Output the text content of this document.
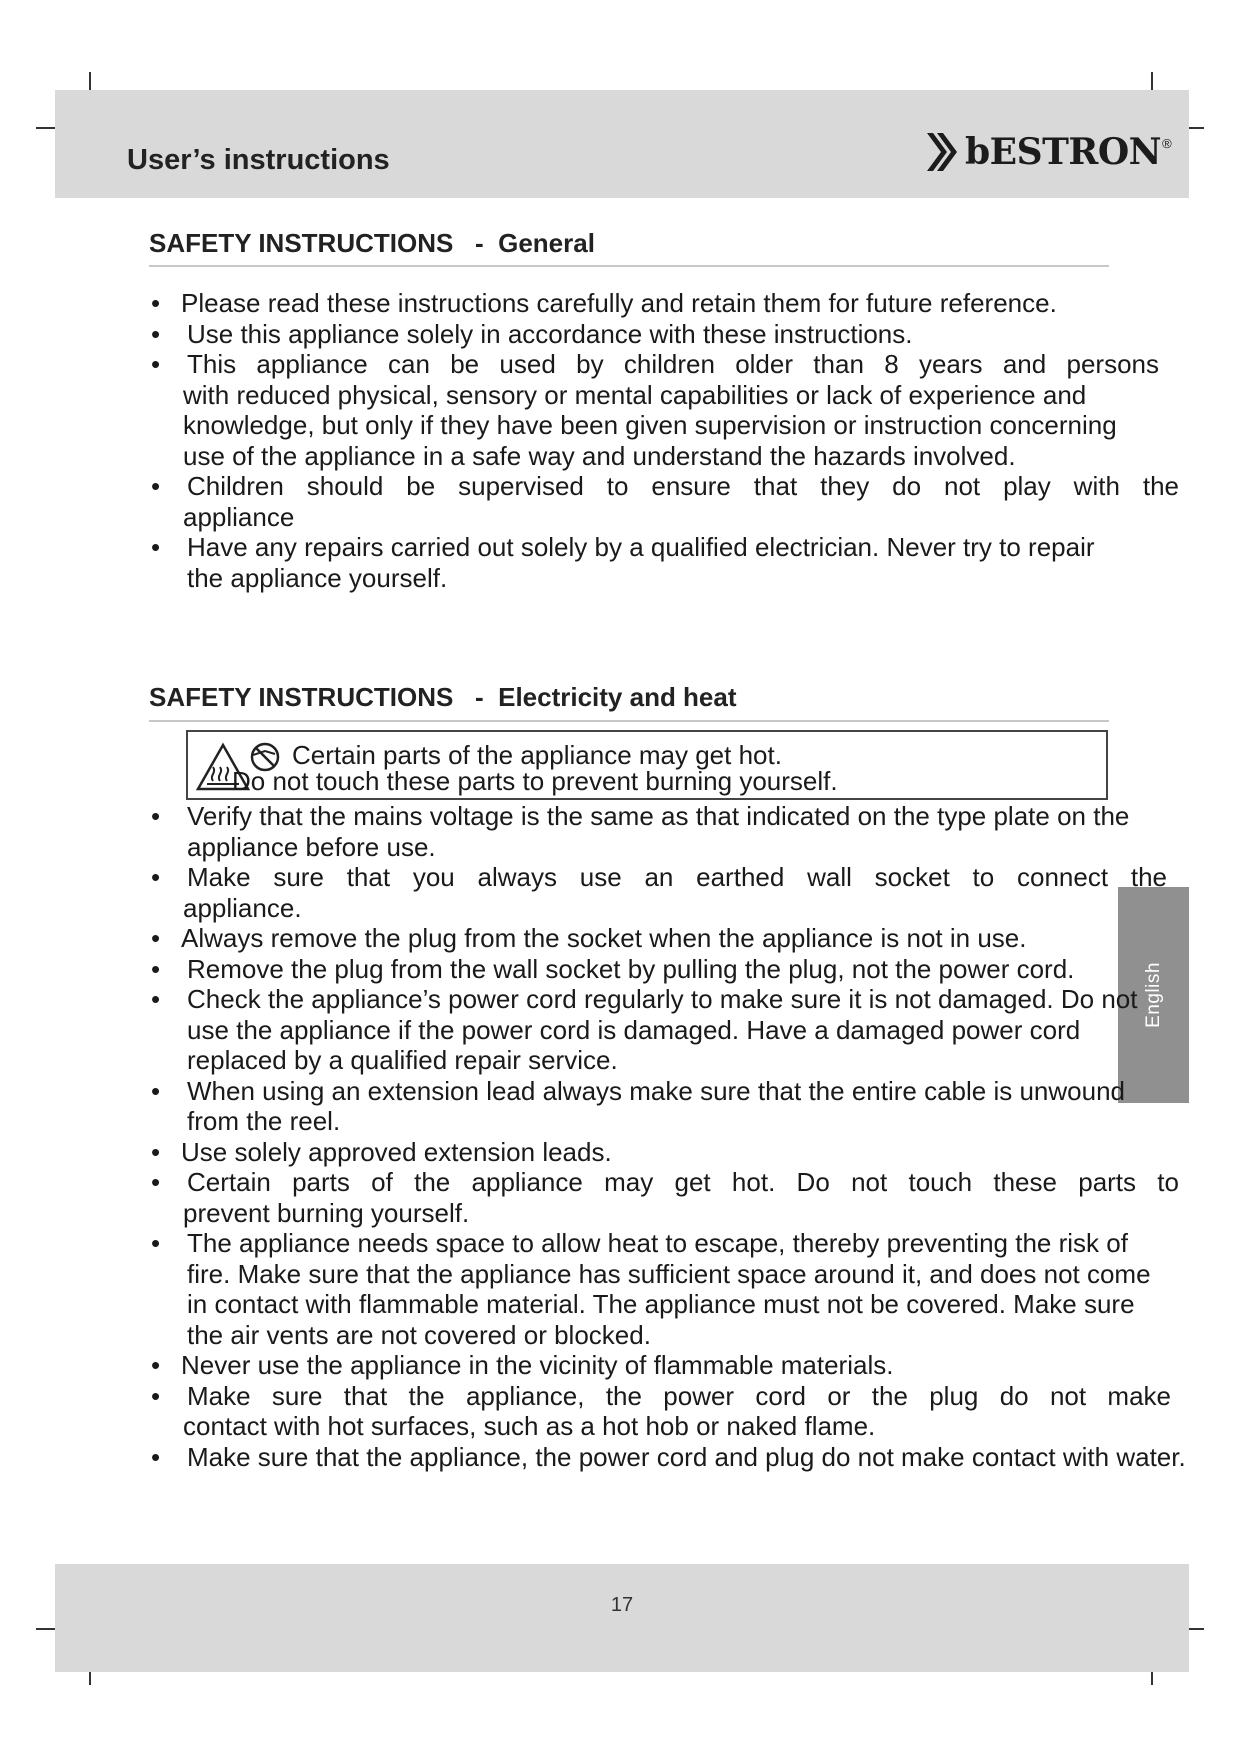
User’s instructions	bESTRON ®
English
SAFETY INSTRUCTIONS   -  General
• Please read these instructions carefully and retain them for future reference.
• Use this appliance solely in accordance with these instructions.
• This appliance can be used by children older than 8 years and persons
with reduced physical, sensory or mental capabilities or lack of experience and knowledge, but only if they have been given supervision or instruction concerning use of the appliance in a safe way and understand the hazards involved.
• Children should be supervised to ensure that they do not play with the
appliance
• Have any repairs carried out solely by a qualified electrician. Never try to repair the appliance yourself.
SAFETY INSTRUCTIONS   -  Electricity and heat
Certain parts of the appliance may get hot.
Do not touch these parts to prevent burning yourself.
• Verify that the mains voltage is the same as that indicated on the type plate on the appliance before use.
• Make sure that you always use an earthed wall socket to connect the
appliance.
• Always remove the plug from the socket when the appliance is not in use.
• Remove the plug from the wall socket by pulling the plug, not the power cord.
• Check the appliance’s power cord regularly to make sure it is not damaged. Do not use the appliance if the power cord is damaged. Have a damaged power cord replaced by a qualified repair service.
• When using an extension lead always make sure that the entire cable is unwound from the reel.
• Use solely approved extension leads.
• Certain parts of the appliance may get hot. Do not touch these parts to
prevent burning yourself.
• The appliance needs space to allow heat to escape, thereby preventing the risk of fire. Make sure that the appliance has sufficient space around it, and does not come in contact with flammable material. The appliance must not be covered. Make sure the air vents are not covered or blocked.
• Never use the appliance in the vicinity of flammable materials.
• Make sure that the appliance, the power cord or the plug do not make
contact with hot surfaces, such as a hot hob or naked flame.
• Make sure that the appliance, the power cord and plug do not make contact with water.
17
